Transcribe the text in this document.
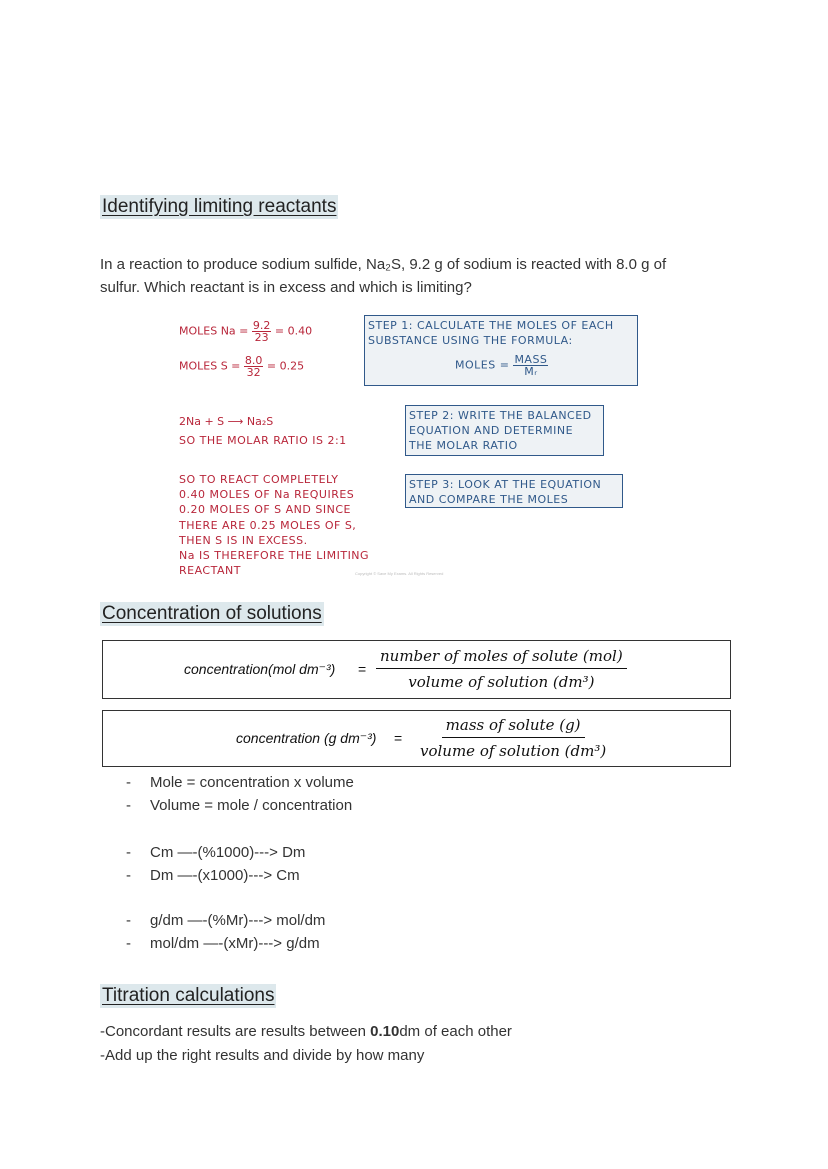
Identifying limiting reactants
In a reaction to produce sodium sulfide, Na₂S, 9.2 g of sodium is reacted with 8.0 g of
sulfur. Which reactant is in excess and which is limiting?
MOLES $Na = \frac{9.2}{23} = 0.40$
MOLES $S = \frac{8.0}{32} = 0.25$
2Na + S ⟶ Na₂S
SO THE MOLAR RATIO IS 2:1
SO TO REACT COMPLETELY
0.40 MOLES OF Na REQUIRES
0.20 MOLES OF S AND SINCE
THERE ARE 0.25 MOLES OF S,
THEN S IS IN EXCESS.
Na IS THEREFORE THE LIMITING
REACTANT
STEP 1: CALCULATE THE MOLES OF EACH
SUBSTANCE USING THE FORMULA:
MOLES = $\frac{\text{MASS}}{\text{Mᵣ}}$
STEP 2: WRITE THE BALANCED
EQUATION AND DETERMINE
THE MOLAR RATIO
STEP 3: LOOK AT THE EQUATION
AND COMPARE THE MOLES
Copyright © Save My Exams. All Rights Reserved
Concentration of solutions
concentration(mol dm⁻³) =
number of moles of solute (mol)
volume of solution (dm³)
concentration (g dm⁻³) =
mass of solute (g)
volume of solution (dm³)
- Mole = concentration x volume
- Volume = mole / concentration
- Cm —-(%1000)---> Dm
- Dm —-(x1000)---> Cm
- g/dm —-(%Mr)---> mol/dm
- mol/dm —-(xMr)---> g/dm
Titration calculations
-Concordant results are results between 0.10dm of each other
-Add up the right results and divide by how many
